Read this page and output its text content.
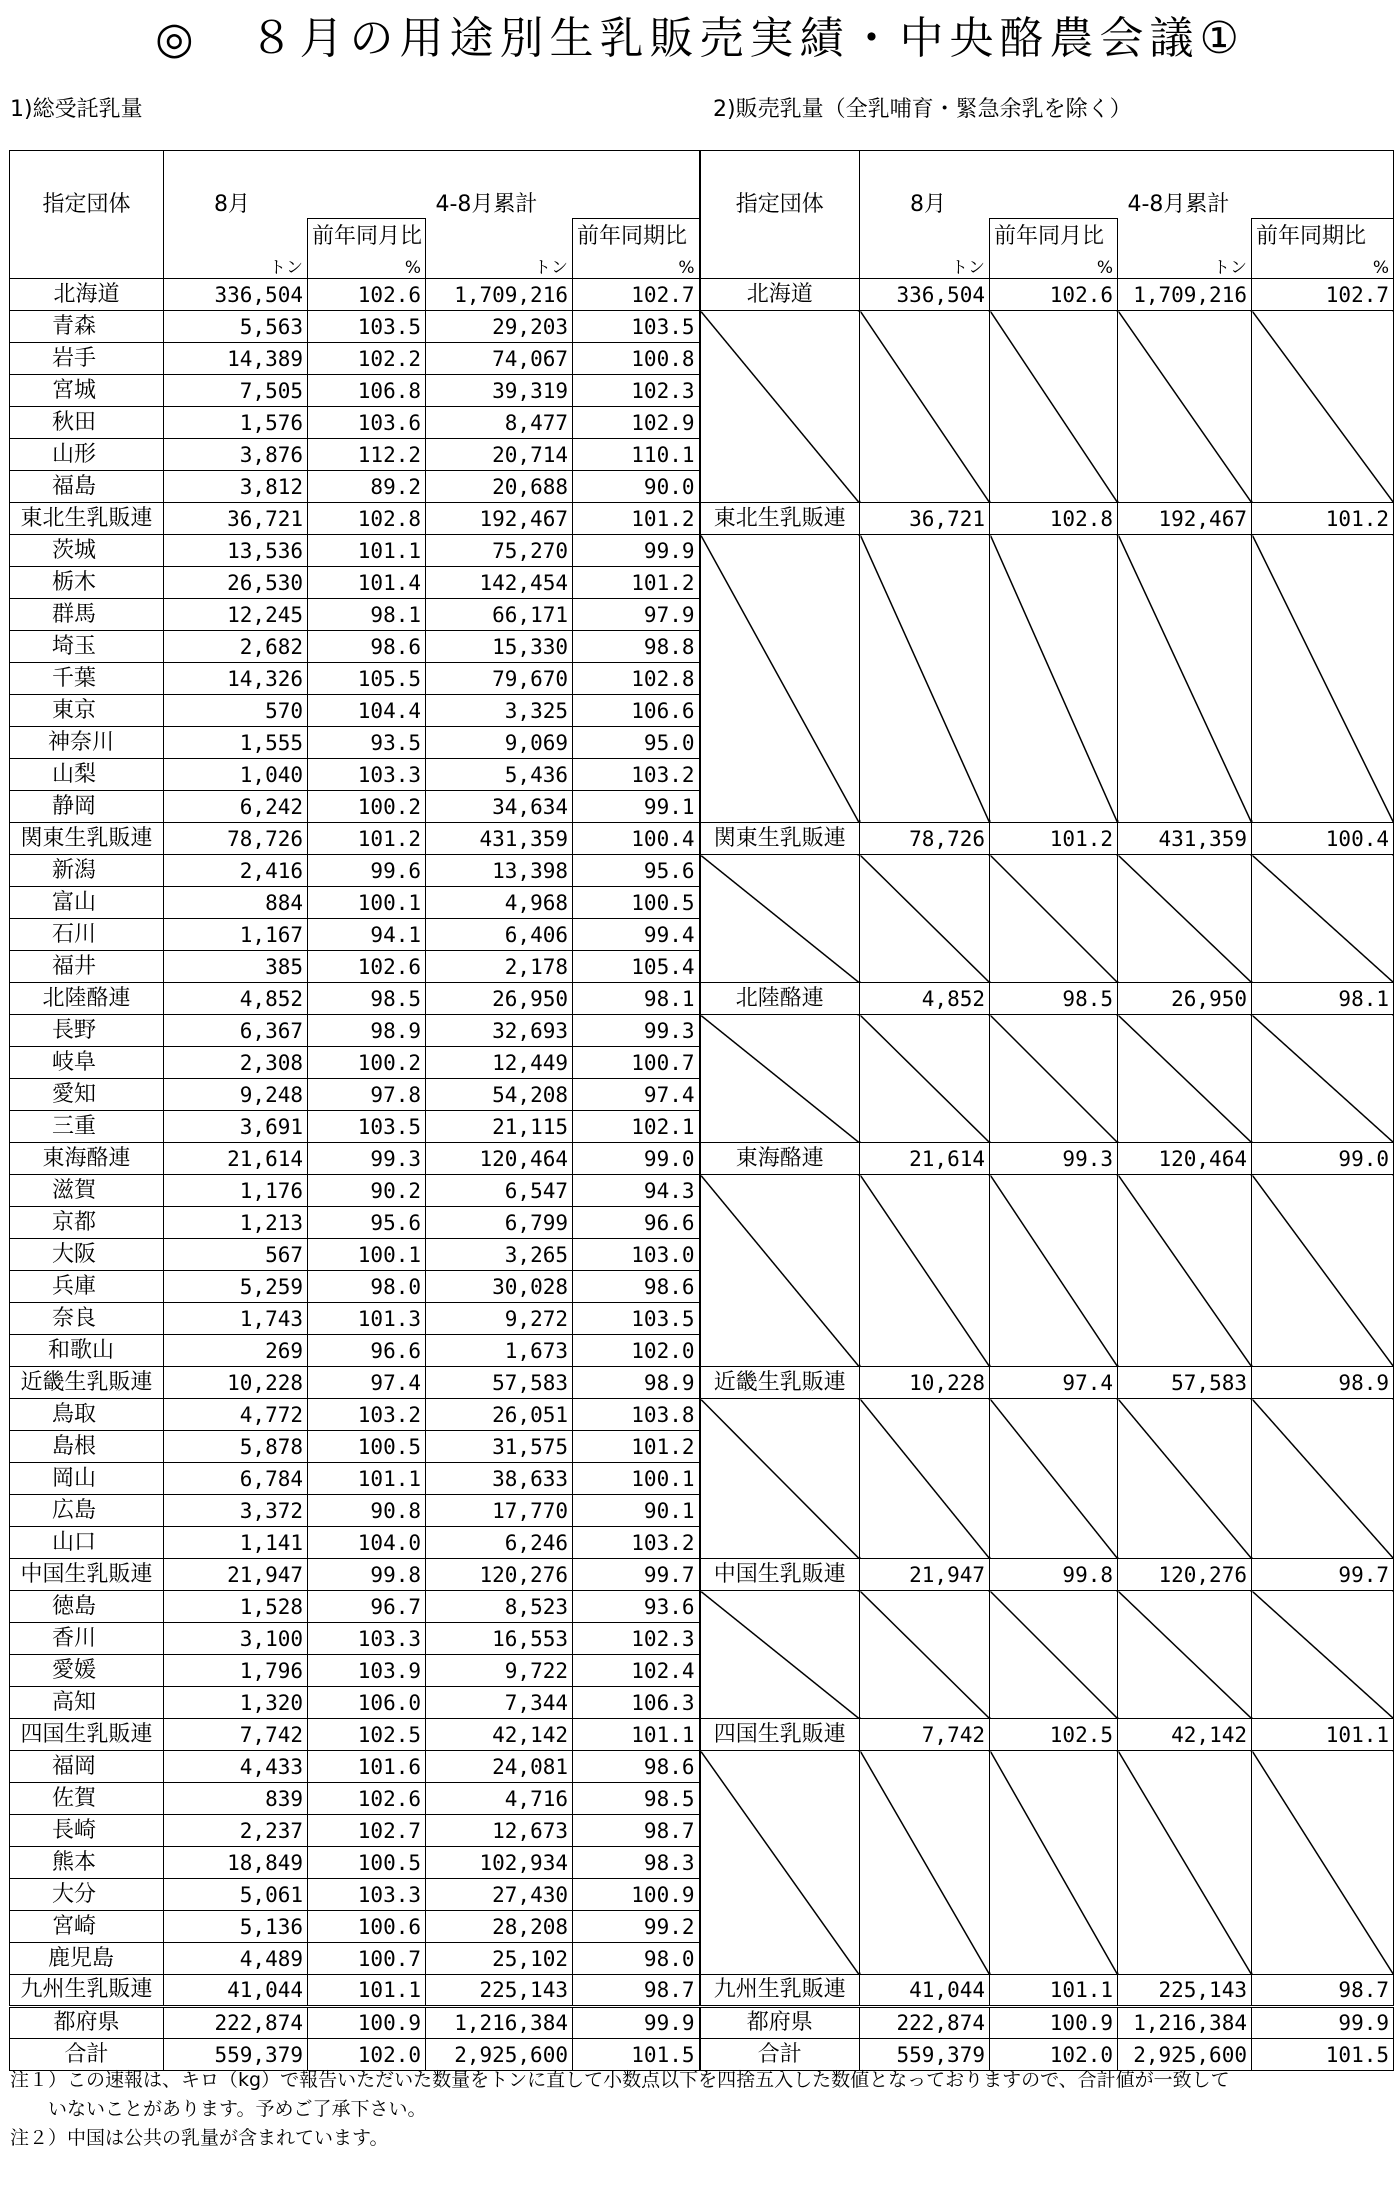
◎　８月の用途別生乳販売実績・中央酪農会議①
1)総受託乳量	2)販売乳量（全乳哺育・緊急余乳を除く）
指定団体	8月		4-8月累計		指定団体	8月		4-8月累計	
		前年同月比		前年同期比			前年同月比		前年同期比
	トン	%	トン	%		トン	%	トン	%
北海道	336,504	102.6	1,709,216	102.7	北海道	336,504	102.6	1,709,216	102.7
青森	5,563	103.5	29,203	103.5					
岩手	14,389	102.2	74,067	100.8					
宮城	7,505	106.8	39,319	102.3					
秋田	1,576	103.6	8,477	102.9					
山形	3,876	112.2	20,714	110.1					
福島	3,812	89.2	20,688	90.0					
東北生乳販連	36,721	102.8	192,467	101.2	東北生乳販連	36,721	102.8	192,467	101.2
茨城	13,536	101.1	75,270	99.9					
栃木	26,530	101.4	142,454	101.2					
群馬	12,245	98.1	66,171	97.9					
埼玉	2,682	98.6	15,330	98.8					
千葉	14,326	105.5	79,670	102.8					
東京	570	104.4	3,325	106.6					
神奈川	1,555	93.5	9,069	95.0					
山梨	1,040	103.3	5,436	103.2					
静岡	6,242	100.2	34,634	99.1					
関東生乳販連	78,726	101.2	431,359	100.4	関東生乳販連	78,726	101.2	431,359	100.4
新潟	2,416	99.6	13,398	95.6					
富山	884	100.1	4,968	100.5					
石川	1,167	94.1	6,406	99.4					
福井	385	102.6	2,178	105.4					
北陸酪連	4,852	98.5	26,950	98.1	北陸酪連	4,852	98.5	26,950	98.1
長野	6,367	98.9	32,693	99.3					
岐阜	2,308	100.2	12,449	100.7					
愛知	9,248	97.8	54,208	97.4					
三重	3,691	103.5	21,115	102.1					
東海酪連	21,614	99.3	120,464	99.0	東海酪連	21,614	99.3	120,464	99.0
滋賀	1,176	90.2	6,547	94.3					
京都	1,213	95.6	6,799	96.6					
大阪	567	100.1	3,265	103.0					
兵庫	5,259	98.0	30,028	98.6					
奈良	1,743	101.3	9,272	103.5					
和歌山	269	96.6	1,673	102.0					
近畿生乳販連	10,228	97.4	57,583	98.9	近畿生乳販連	10,228	97.4	57,583	98.9
鳥取	4,772	103.2	26,051	103.8					
島根	5,878	100.5	31,575	101.2					
岡山	6,784	101.1	38,633	100.1					
広島	3,372	90.8	17,770	90.1					
山口	1,141	104.0	6,246	103.2					
中国生乳販連	21,947	99.8	120,276	99.7	中国生乳販連	21,947	99.8	120,276	99.7
徳島	1,528	96.7	8,523	93.6					
香川	3,100	103.3	16,553	102.3					
愛媛	1,796	103.9	9,722	102.4					
高知	1,320	106.0	7,344	106.3					
四国生乳販連	7,742	102.5	42,142	101.1	四国生乳販連	7,742	102.5	42,142	101.1
福岡	4,433	101.6	24,081	98.6					
佐賀	839	102.6	4,716	98.5					
長崎	2,237	102.7	12,673	98.7					
熊本	18,849	100.5	102,934	98.3					
大分	5,061	103.3	27,430	100.9					
宮崎	5,136	100.6	28,208	99.2					
鹿児島	4,489	100.7	25,102	98.0					
九州生乳販連	41,044	101.1	225,143	98.7	九州生乳販連	41,044	101.1	225,143	98.7
都府県	222,874	100.9	1,216,384	99.9	都府県	222,874	100.9	1,216,384	99.9
合計	559,379	102.0	2,925,600	101.5	合計	559,379	102.0	2,925,600	101.5
注１）この速報は、キロ（kg）で報告いただいた数量をトンに直して小数点以下を四捨五入した数値となっておりますので、合計値が一致して
　　いないことがあります。予めご了承下さい。
注２）中国は公共の乳量が含まれています。
